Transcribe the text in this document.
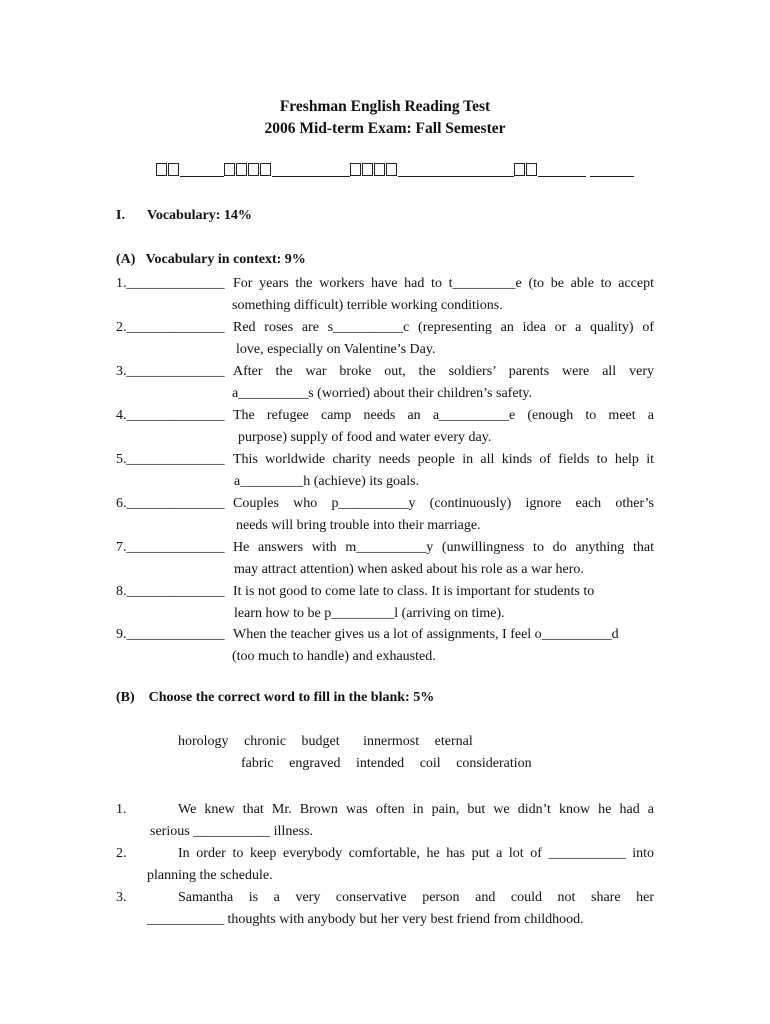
Freshman English Reading Test
2006 Mid-term Exam: Fall Semester

I. Vocabulary: 14%
(A)   Vocabulary in context: 9%
1.______________ For years the workers have had to t_________e (to be able to accept
something difficult) terrible working conditions.
2.______________ Red roses are s__________c (representing an idea or a quality) of
love, especially on Valentine’s Day.
3.______________ After the war broke out, the soldiers’ parents were all very
a__________s (worried) about their children’s safety.
4.______________ The refugee camp needs an a__________e (enough to meet a
purpose) supply of food and water every day.
5.______________ This worldwide charity needs people in all kinds of fields to help it
a_________h (achieve) its goals.
6.______________ Couples who p__________y (continuously) ignore each other’s
needs will bring trouble into their marriage.
7.______________ He answers with m__________y (unwillingness to do anything that
may attract attention) when asked about his role as a war hero.
8.______________ It is not good to come late to class. It is important for students to
learn how to be p_________l (arriving on time).
9.______________ When the teacher gives us a lot of assignments, I feel o__________d
(too much to handle) and exhausted.
(B)    Choose the correct word to fill in the blank: 5%
horology chronic budget innermost eternal
fabric engraved intended coil consideration
1.	We knew that Mr. Brown was often in pain, but we didn’t know he had a
serious ___________ illness.
2.	In order to keep everybody comfortable, he has put a lot of ___________ into
planning the schedule.
3.	Samantha is a very conservative person and could not share her
___________ thoughts with anybody but her very best friend from childhood.
